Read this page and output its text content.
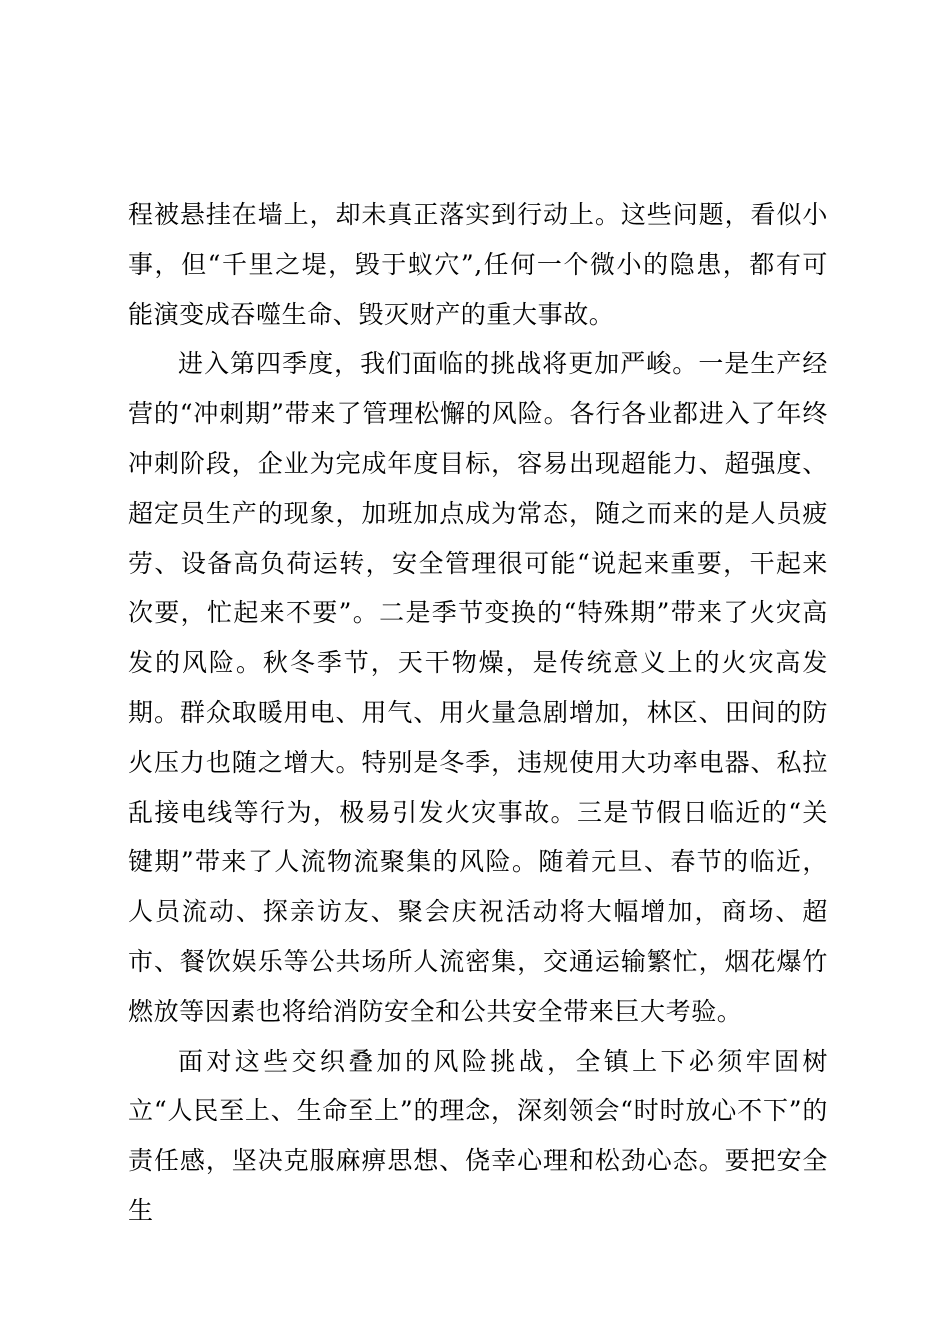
程被悬挂在墙上，却未真正落实到行动上。这些问题，看似小事，但“千里之堤，毁于蚁穴”,任何一个微小的隐患，都有可能演变成吞噬生命、毁灭财产的重大事故。

进入第四季度，我们面临的挑战将更加严峻。一是生产经营的“冲刺期”带来了管理松懈的风险。各行各业都进入了年终冲刺阶段，企业为完成年度目标，容易出现超能力、超强度、超定员生产的现象，加班加点成为常态，随之而来的是人员疲劳、设备高负荷运转，安全管理很可能“说起来重要，干起来次要，忙起来不要”。二是季节变换的“特殊期”带来了火灾高发的风险。秋冬季节，天干物燥，是传统意义上的火灾高发期。群众取暖用电、用气、用火量急剧增加，林区、田间的防火压力也随之增大。特别是冬季，违规使用大功率电器、私拉乱接电线等行为，极易引发火灾事故。三是节假日临近的“关键期”带来了人流物流聚集的风险。随着元旦、春节的临近，人员流动、探亲访友、聚会庆祝活动将大幅增加，商场、超市、餐饮娱乐等公共场所人流密集，交通运输繁忙，烟花爆竹燃放等因素也将给消防安全和公共安全带来巨大考验。

面对这些交织叠加的风险挑战，全镇上下必须牢固树立“人民至上、生命至上”的理念，深刻领会“时时放心不下”的责任感，坚决克服麻痹思想、侥幸心理和松劲心态。要把安全生
